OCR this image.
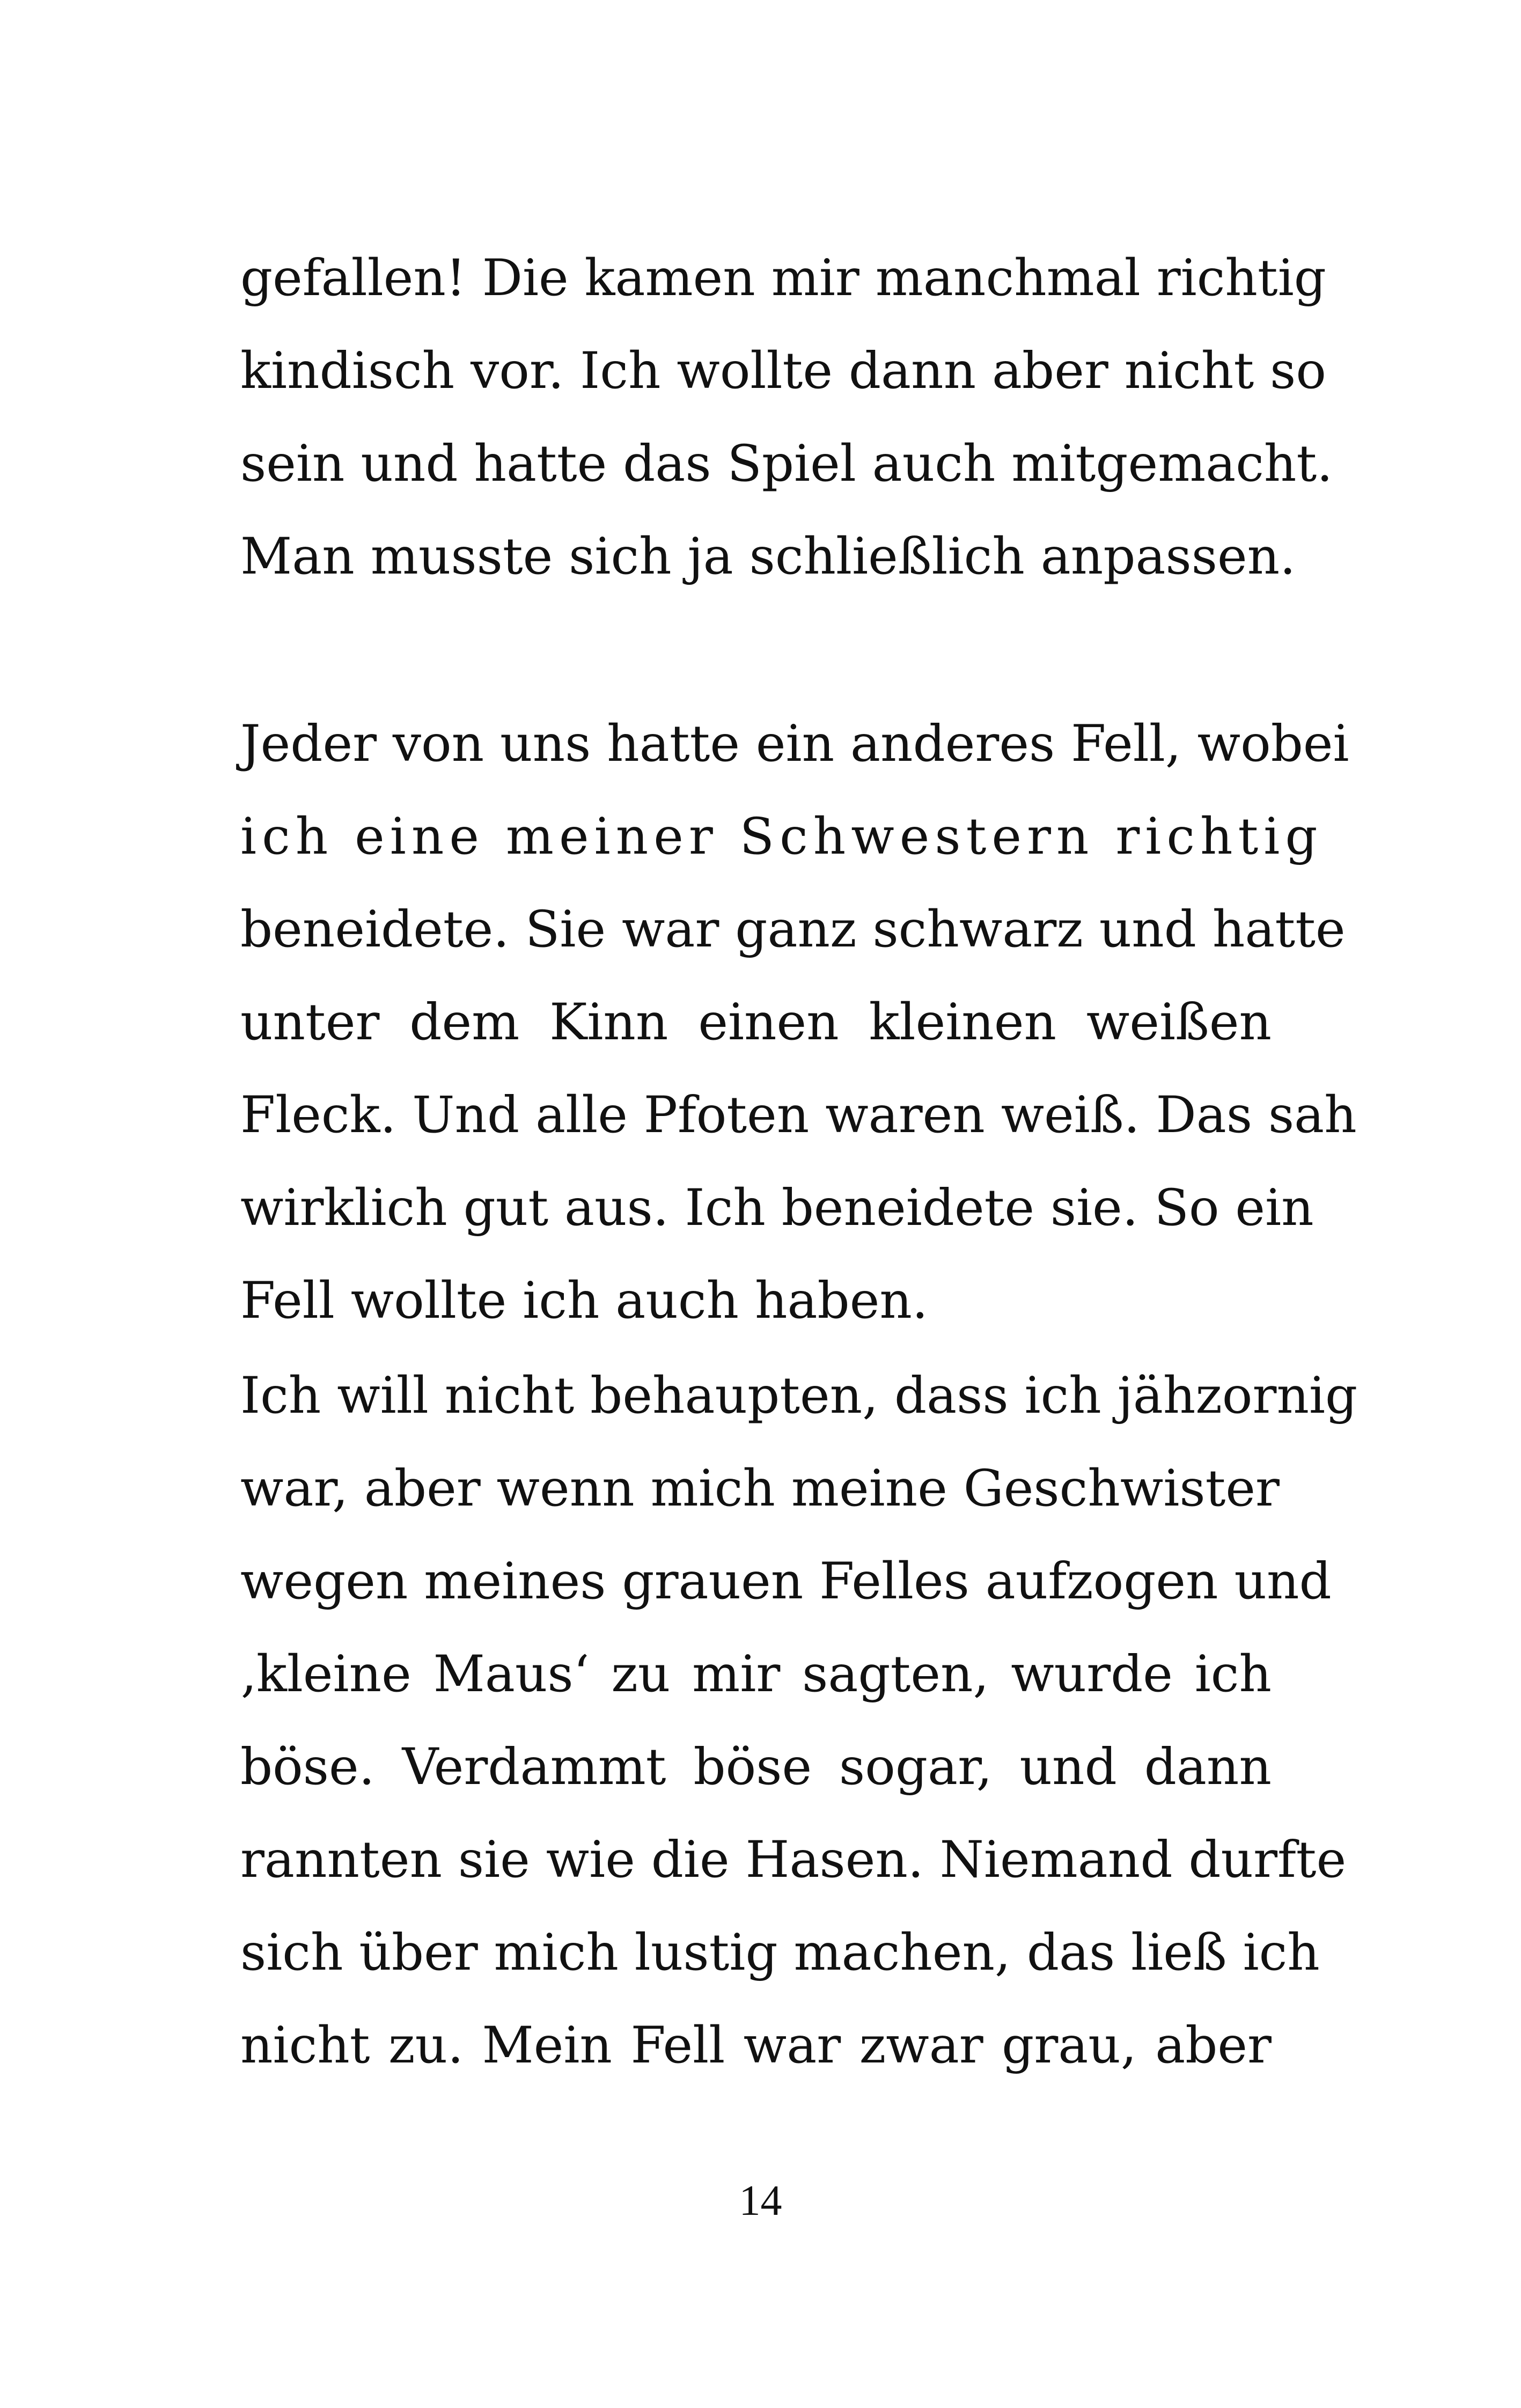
gefallen! Die kamen mir manchmal richtig
kindisch vor. Ich wollte dann aber nicht so
sein und hatte das Spiel auch mitgemacht.
Man musste sich ja schließlich anpassen.
Jeder von uns hatte ein anderes Fell, wobei
ich eine meiner Schwestern richtig
beneidete. Sie war ganz schwarz und hatte
unter dem Kinn einen kleinen weißen
Fleck. Und alle Pfoten waren weiß. Das sah
wirklich gut aus. Ich beneidete sie. So ein
Fell wollte ich auch haben.
Ich will nicht behaupten, dass ich jähzornig
war, aber wenn mich meine Geschwister
wegen meines grauen Felles aufzogen und
‚kleine Maus‘ zu mir sagten, wurde ich
böse. Verdammt böse sogar, und dann
rannten sie wie die Hasen. Niemand durfte
sich über mich lustig machen, das ließ ich
nicht zu. Mein Fell war zwar grau, aber
14
